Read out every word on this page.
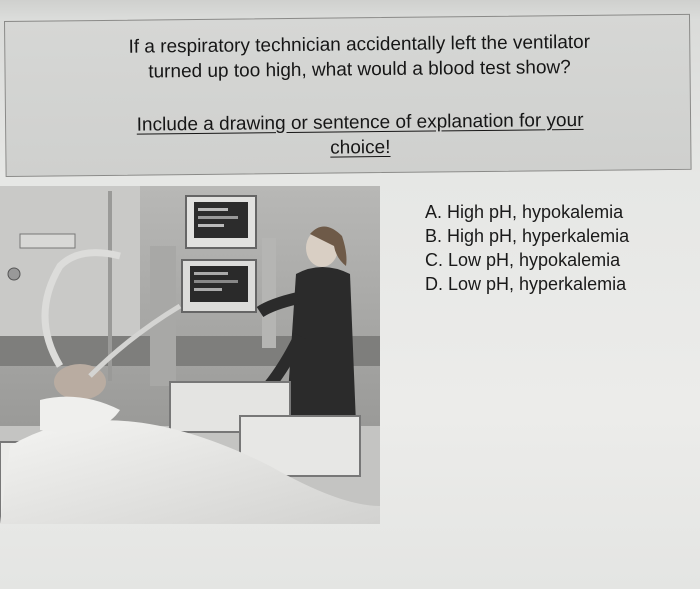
If a respiratory technician accidentally left the ventilator
turned up too high, what would a blood test show?

Include a drawing or sentence of explanation for your
choice!
A. High pH, hypokalemia
B. High pH, hyperkalemia
C. Low pH, hypokalemia
D. Low pH, hyperkalemia
